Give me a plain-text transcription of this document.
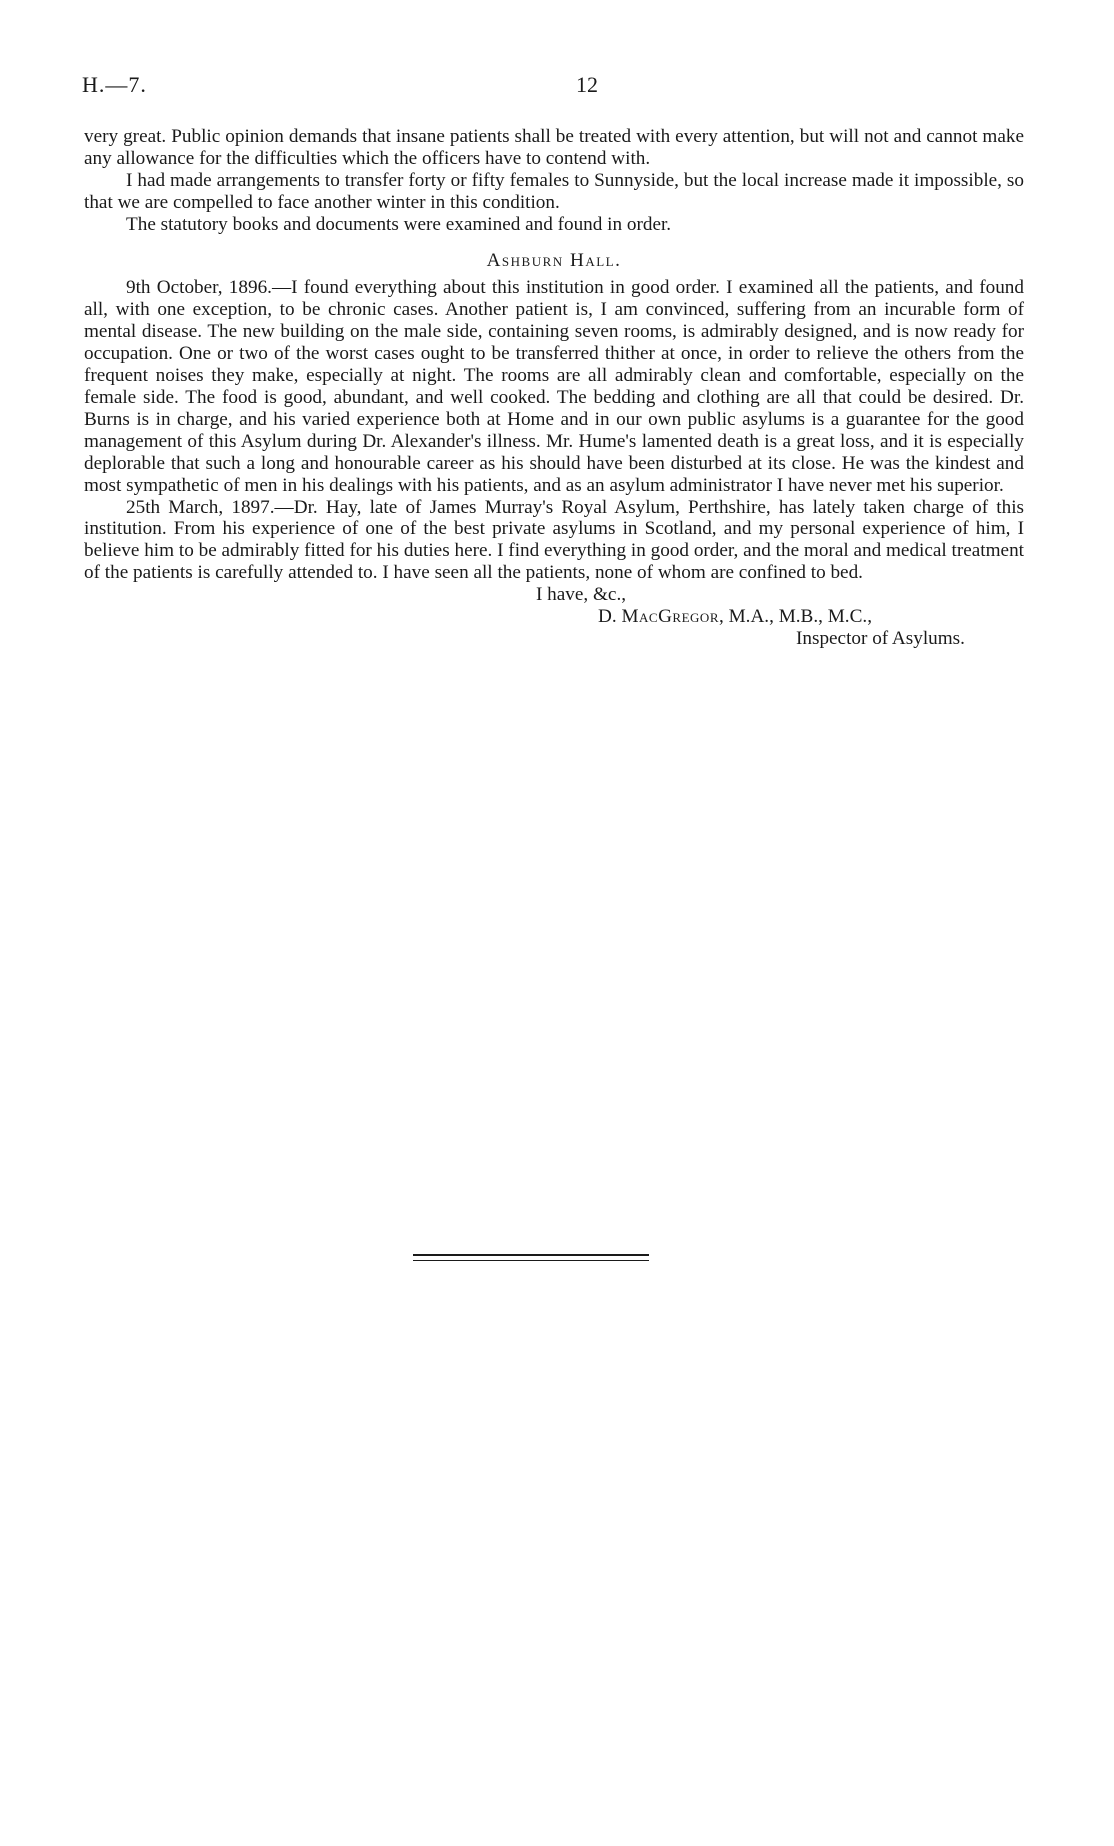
H.—7.	12

very great. Public opinion demands that insane patients shall be treated with every attention, but will not and cannot make any allowance for the difficulties which the officers have to contend with.

I had made arrangements to transfer forty or fifty females to Sunnyside, but the local increase made it impossible, so that we are compelled to face another winter in this condition.

The statutory books and documents were examined and found in order.

Ashburn Hall.

9th October, 1896.—I found everything about this institution in good order. I examined all the patients, and found all, with one exception, to be chronic cases. Another patient is, I am convinced, suffering from an incurable form of mental disease. The new building on the male side, containing seven rooms, is admirably designed, and is now ready for occupation. One or two of the worst cases ought to be transferred thither at once, in order to relieve the others from the frequent noises they make, especially at night. The rooms are all admirably clean and comfortable, especially on the female side. The food is good, abundant, and well cooked. The bedding and clothing are all that could be desired. Dr. Burns is in charge, and his varied experience both at Home and in our own public asylums is a guarantee for the good management of this Asylum during Dr. Alexander's illness. Mr. Hume's lamented death is a great loss, and it is especially deplorable that such a long and honourable career as his should have been disturbed at its close. He was the kindest and most sympathetic of men in his dealings with his patients, and as an asylum administrator I have never met his superior.

25th March, 1897.—Dr. Hay, late of James Murray's Royal Asylum, Perthshire, has lately taken charge of this institution. From his experience of one of the best private asylums in Scotland, and my personal experience of him, I believe him to be admirably fitted for his duties here. I find everything in good order, and the moral and medical treatment of the patients is carefully attended to. I have seen all the patients, none of whom are confined to bed.

I have, &c.,

D. MacGregor, M.A., M.B., M.C.,

Inspector of Asylums.
